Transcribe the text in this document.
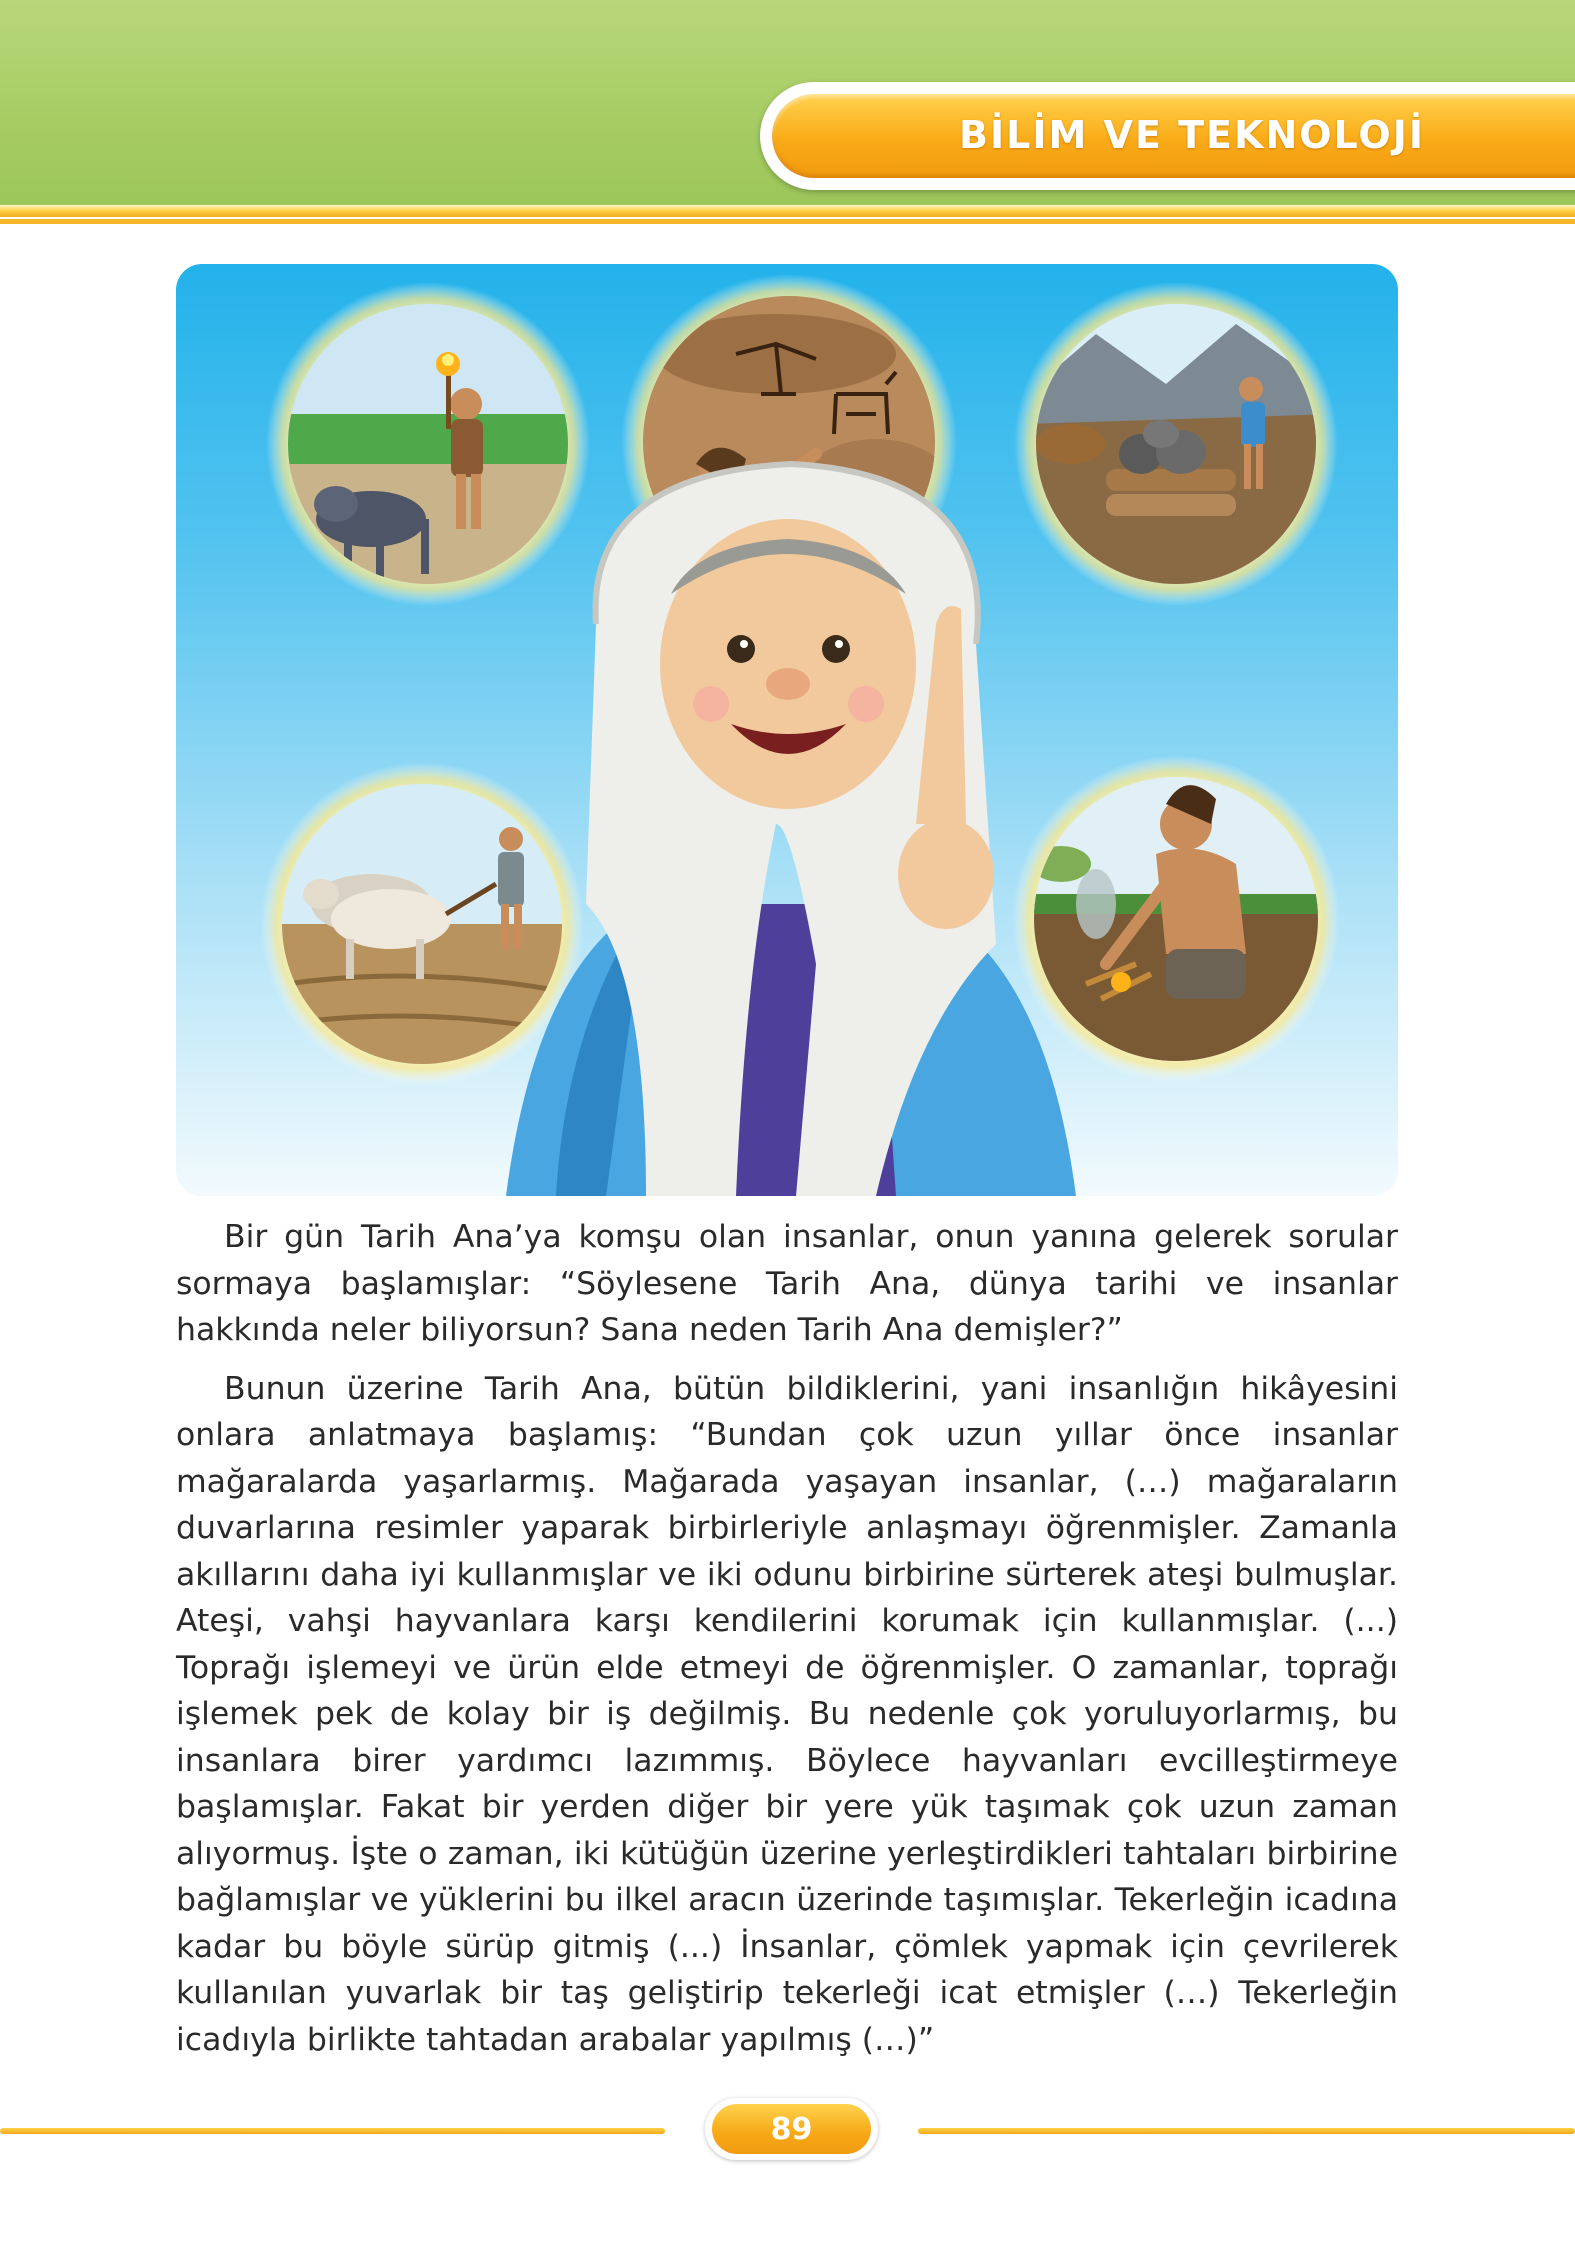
BİLİM VE TEKNOLOJİ

Bir gün Tarih Ana’ya komşu olan insanlar, onun yanına gelerek sorular sormaya başlamışlar: “Söylesene Tarih Ana, dünya tarihi ve insanlar hakkında neler biliyorsun? Sana neden Tarih Ana demişler?”

Bunun üzerine Tarih Ana, bütün bildiklerini, yani insanlığın hikâyesini onlara anlatmaya başlamış: “Bundan çok uzun yıllar önce insanlar mağaralarda yaşarlarmış. Mağarada yaşayan insanlar, (…) mağaraların duvarlarına resimler yaparak birbirleriyle anlaşmayı öğrenmişler. Zamanla akıllarını daha iyi kullanmışlar ve iki odunu birbirine sürterek ateşi bulmuşlar. Ateşi, vahşi hayvanlara karşı kendilerini korumak için kullanmışlar. (...) Toprağı işlemeyi ve ürün elde etmeyi de öğrenmişler. O zamanlar, toprağı işlemek pek de kolay bir iş değilmiş. Bu nedenle çok yoruluyorlarmış, bu insanlara birer yardımcı lazımmış. Böylece hayvanları evcilleştirmeye başlamışlar. Fakat bir yerden diğer bir yere yük taşımak çok uzun zaman alıyormuş. İşte o zaman, iki kütüğün üzerine yerleştirdikleri tahtaları birbirine bağlamışlar ve yüklerini bu ilkel aracın üzerinde taşımışlar. Tekerleğin icadına kadar bu böyle sürüp gitmiş (...) İnsanlar, çömlek yapmak için çevrilerek kullanılan yuvarlak bir taş geliştirip tekerleği icat etmişler (…) Tekerleğin icadıyla birlikte tahtadan arabalar yapılmış (…)”

89
